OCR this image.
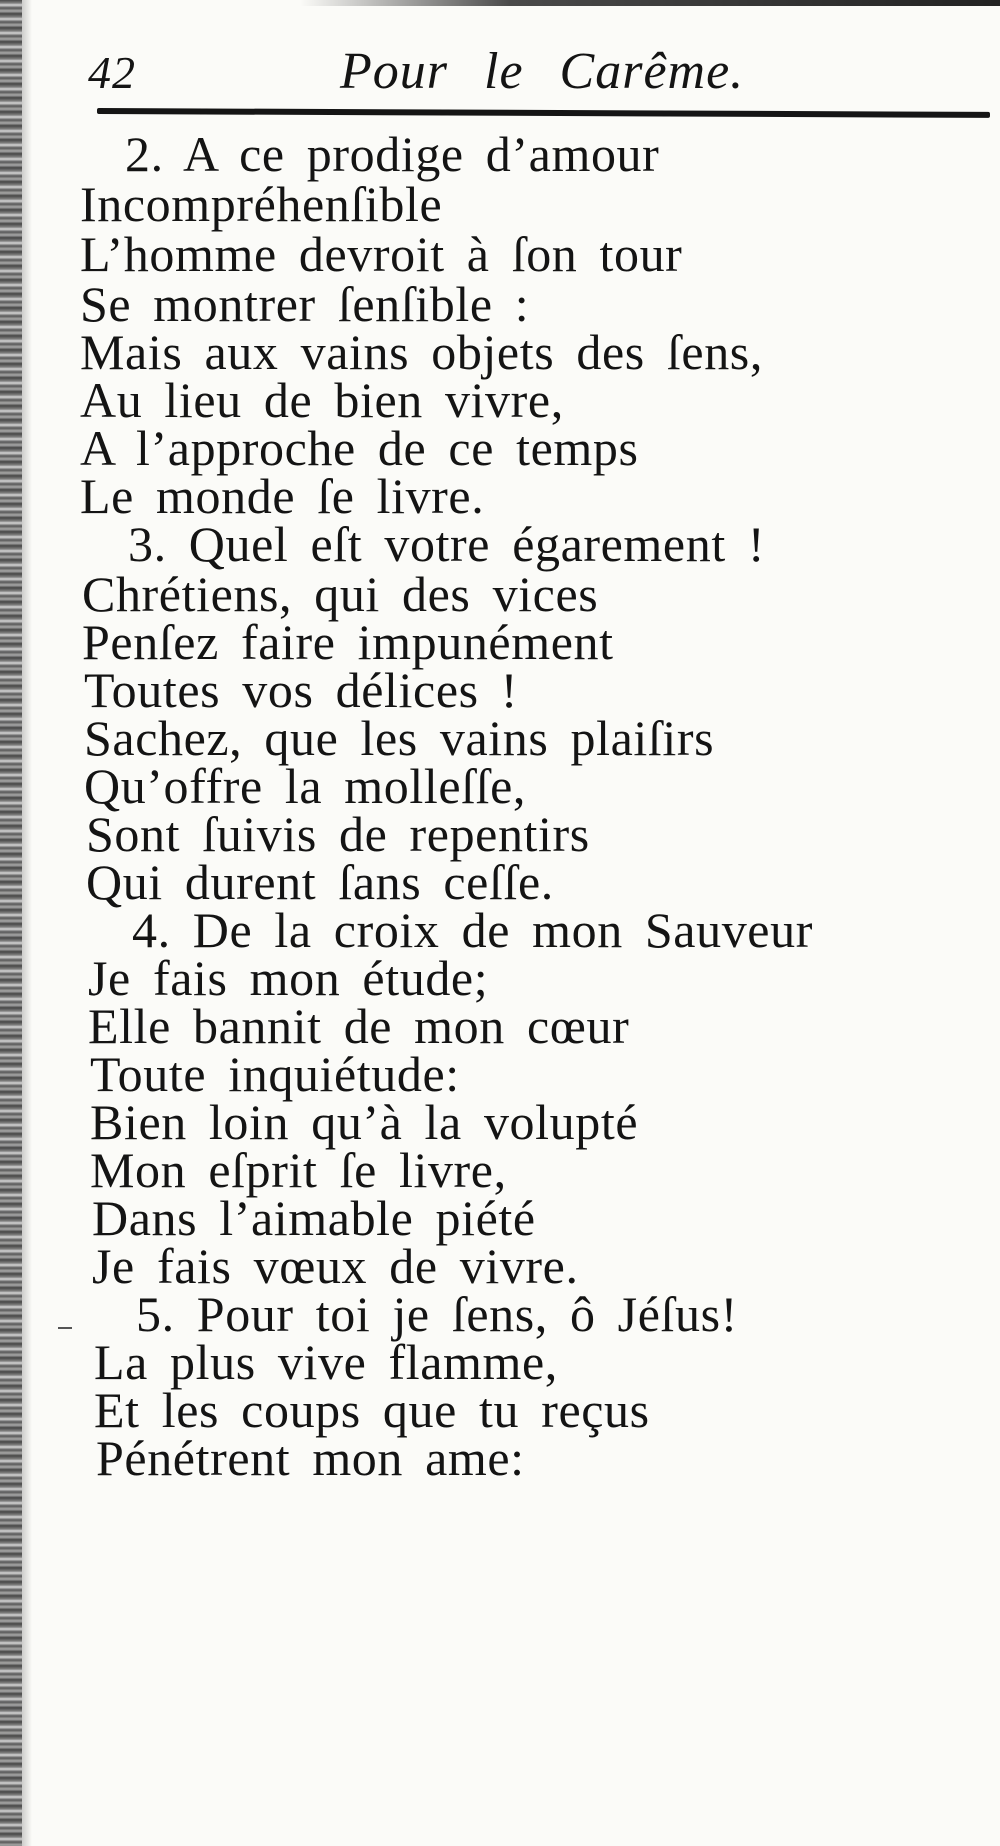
42	Pour le Carême.
2. A ce prodige d’amour
Incompréhenſible
L’homme devroit à ſon tour
Se montrer ſenſible :
Mais aux vains objets des ſens,
Au lieu de bien vivre,
A l’approche de ce temps
Le monde ſe livre.
3. Quel eſt votre égarement !
Chrétiens, qui des vices
Penſez faire impunément
Toutes vos délices !
Sachez, que les vains plaiſirs
Qu’offre la molleſſe,
Sont ſuivis de repentirs
Qui durent ſans ceſſe.
4. De la croix de mon Sauveur
Je fais mon étude;
Elle bannit de mon cœur
Toute inquiétude:
Bien loin qu’à la volupté
Mon eſprit ſe livre,
Dans l’aimable piété
Je fais vœux de vivre.
5. Pour toi je ſens, ô Jéſus!
La plus vive flamme,
Et les coups que tu reçus
Pénétrent mon ame:
